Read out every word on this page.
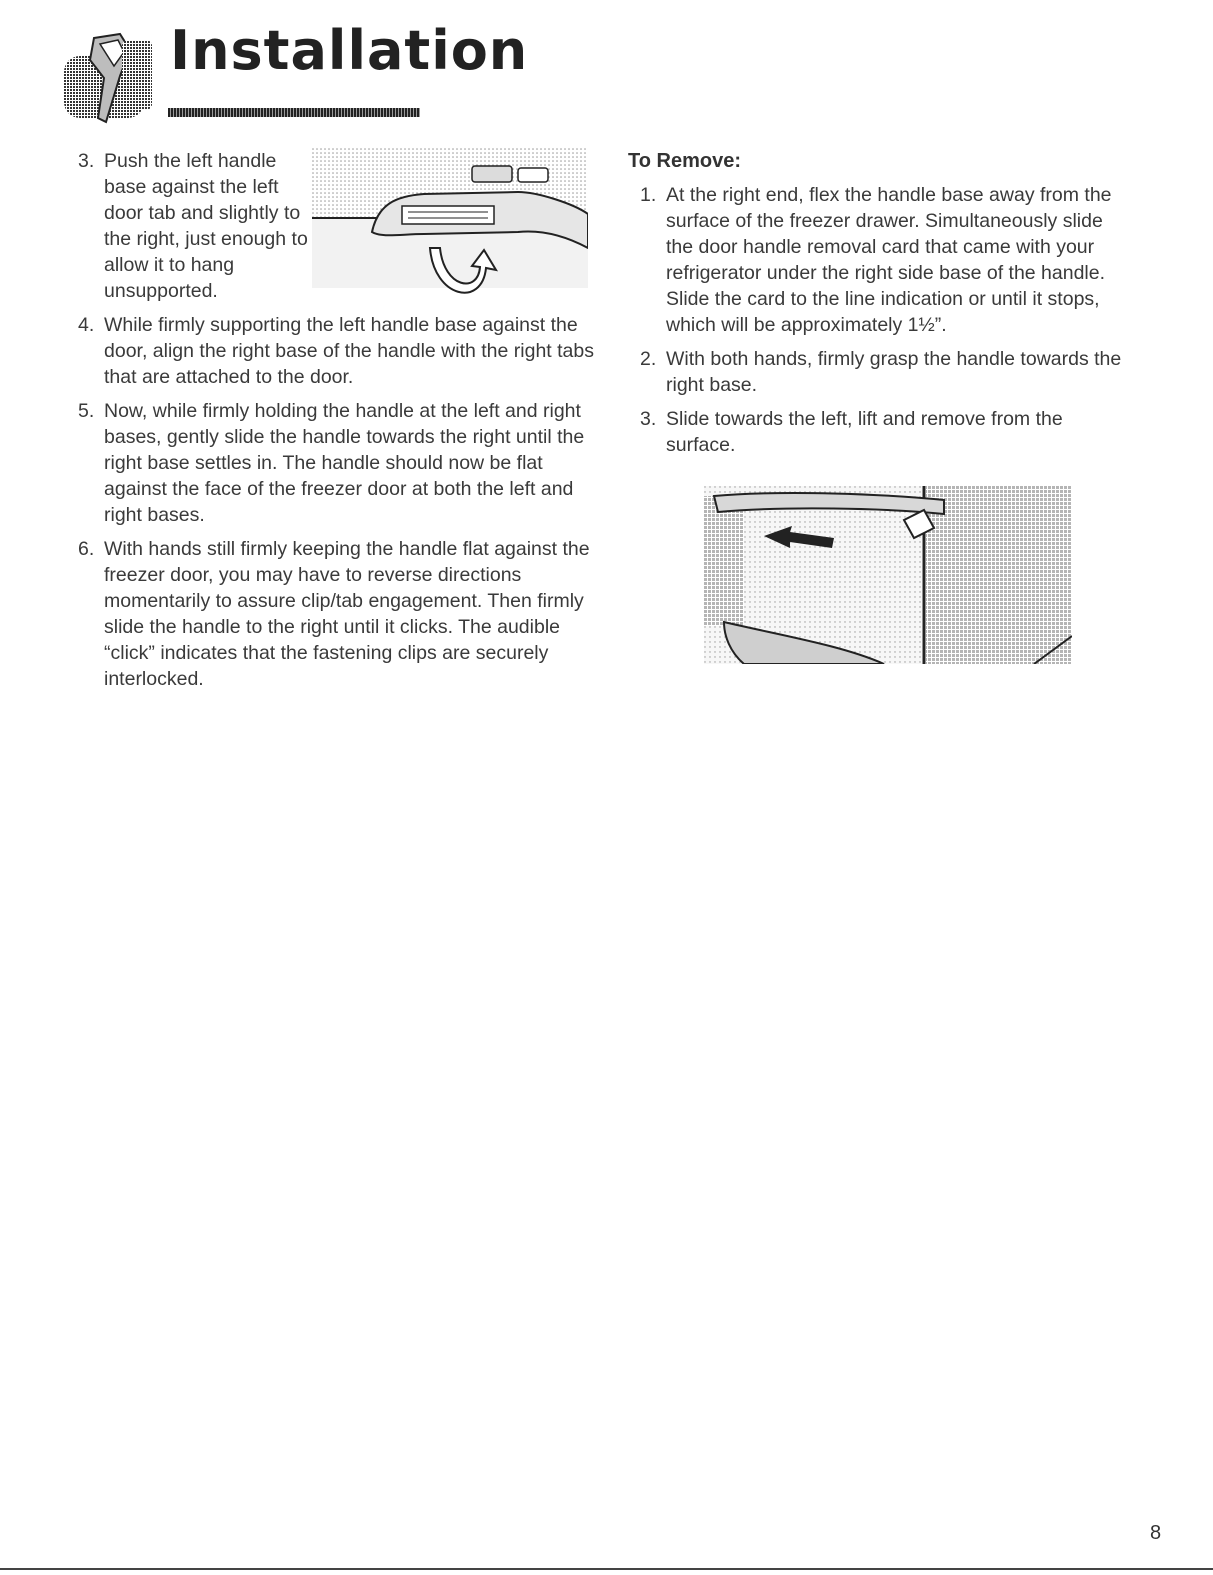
Installation
3. Push the left handle base against the left door tab and slightly to the right, just enough to allow it to hang unsupported.
4. While firmly supporting the left handle base against the door, align the right base of the handle with the right tabs that are attached to the door.
5. Now, while firmly holding the handle at the left and right bases, gently slide the handle towards the right until the right base settles in. The handle should now be flat against the face of the freezer door at both the left and right bases.
6. With hands still firmly keeping the handle flat against the freezer door, you may have to reverse directions momentarily to assure clip/tab engagement. Then firmly slide the handle to the right until it clicks. The audible “click” indicates that the fastening clips are securely interlocked.
To Remove:
1. At the right end, flex the handle base away from the surface of the freezer drawer. Simultaneously slide the door handle removal card that came with your refrigerator under the right side base of the handle. Slide the card to the line indication or until it stops, which will be approximately 1½”.
2. With both hands, firmly grasp the handle towards the right base.
3. Slide towards the left, lift and remove from the surface.
8
